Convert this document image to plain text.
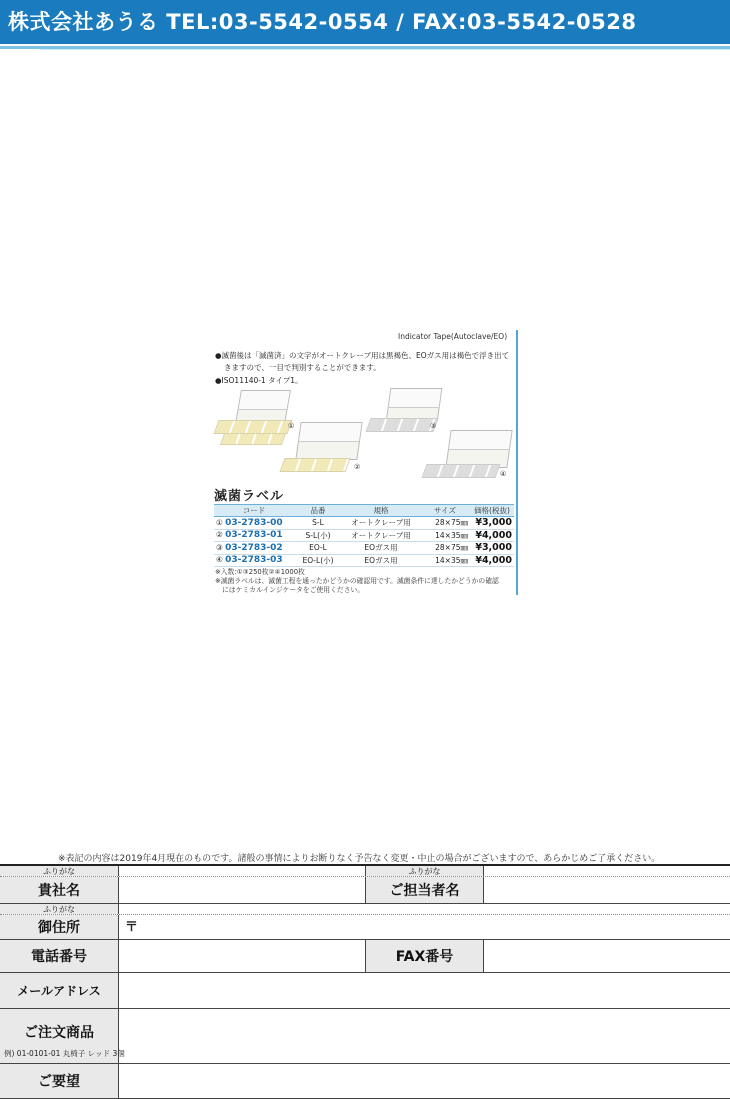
株式会社あうる TEL:03-5542-0554 / FAX:03-5542-0528
Indicator Tape(Autoclave/EO)
●滅菌後は「滅菌済」の文字がオートクレーブ用は黒褐色、EOガス用は褐色で浮き出て
きますので、一目で判別することができます。
●ISO11140-1 タイプ1。
①
②
③
④
滅菌ラベル
コード	品番	規格	サイズ	価格(税抜)
① 03-2783-00	S-L	オートクレーブ用	28×75㎜	¥3,000
② 03-2783-01	S-L(小)	オートクレーブ用	14×35㎜	¥4,000
③ 03-2783-02	EO-L	EOガス用	28×75㎜	¥3,000
④ 03-2783-03	EO-L(小)	EOガス用	14×35㎜	¥4,000
※入数:①③250枚②④1000枚
※滅菌ラベルは、滅菌工程を通ったかどうかの確認用です。滅菌条件に達したかどうかの確認
にはケミカルインジケータをご使用ください。
※表記の内容は2019年4月現在のものです。諸般の事情によりお断りなく予告なく変更・中止の場合がございますので、あらかじめご了承ください。
ふりがな	ふりがな
貴社名	ご担当者名
ふりがな
御住所	〒
電話番号	FAX番号
メールアドレス
ご注文商品
例) 01-0101-01 丸椅子 レッド 3個
ご要望
